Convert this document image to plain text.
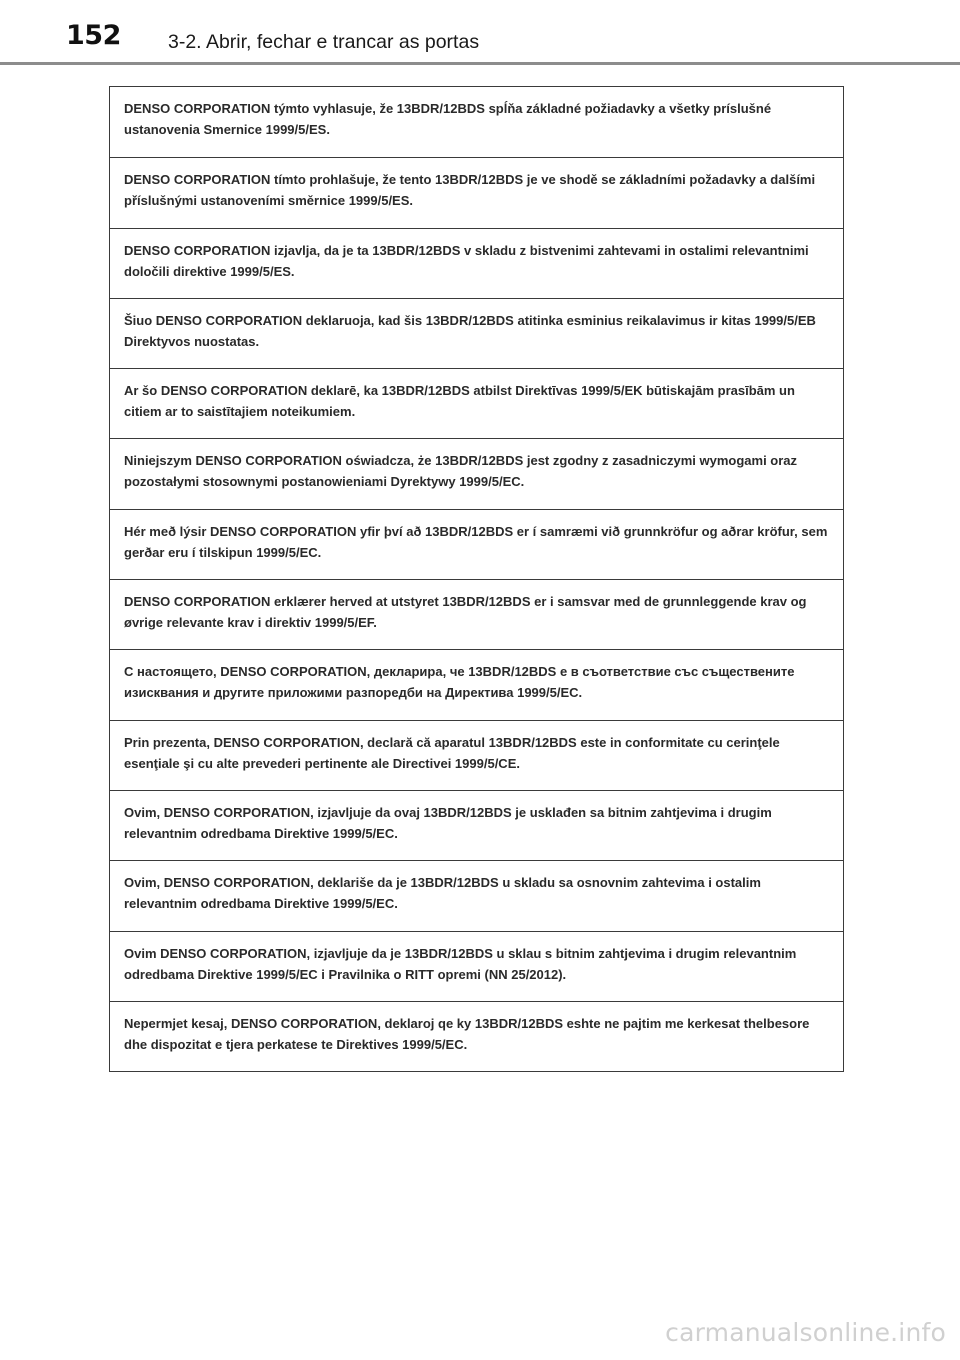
152 3-2. Abrir, fechar e trancar as portas
DENSO CORPORATION týmto vyhlasuje, že 13BDR/12BDS spĺňa základné požiadavky a všetky príslušné ustanovenia Smernice 1999/5/ES.
DENSO CORPORATION tímto prohlašuje, že tento 13BDR/12BDS je ve shodě se základními požadavky a dalšími příslušnými ustanoveními směrnice 1999/5/ES.
DENSO CORPORATION izjavlja, da je ta 13BDR/12BDS v skladu z bistvenimi zahtevami in ostalimi relevantnimi določili direktive 1999/5/ES.
Šiuo DENSO CORPORATION deklaruoja, kad šis 13BDR/12BDS atitinka esminius reikalavimus ir kitas 1999/5/EB Direktyvos nuostatas.
Ar šo DENSO CORPORATION deklarē, ka 13BDR/12BDS atbilst Direktīvas 1999/5/EK būtiskajām prasībām un citiem ar to saistītajiem noteikumiem.
Niniejszym DENSO CORPORATION oświadcza, że 13BDR/12BDS jest zgodny z zasadniczymi wymogami oraz pozostałymi stosownymi postanowieniami Dyrektywy 1999/5/EC.
Hér með lýsir DENSO CORPORATION yfir því að 13BDR/12BDS er í samræmi við grunnkröfur og aðrar kröfur, sem gerðar eru í tilskipun 1999/5/EC.
DENSO CORPORATION erklærer herved at utstyret 13BDR/12BDS er i samsvar med de grunnleggende krav og øvrige relevante krav i direktiv 1999/5/EF.
С настоящето, DENSO CORPORATION, декларира, че 13BDR/12BDS е в съответствие със съществените изисквания и другите приложими разпоредби на Директива 1999/5/ЕС.
Prin prezenta, DENSO CORPORATION, declară că aparatul 13BDR/12BDS este in conformitate cu cerinţele esenţiale şi cu alte prevederi pertinente ale Directivei 1999/5/CE.
Ovim, DENSO CORPORATION, izjavljuje da ovaj 13BDR/12BDS je usklađen sa bitnim zahtjevima i drugim relevantnim odredbama Direktive 1999/5/EC.
Ovim, DENSO CORPORATION, deklariše da je 13BDR/12BDS u skladu sa osnovnim zahtevima i ostalim relevantnim odredbama Direktive 1999/5/EC.
Ovim DENSO CORPORATION, izjavljuje da je 13BDR/12BDS u sklau s bitnim zahtjevima i drugim relevantnim odredbama Direktive 1999/5/EC i Pravilnika o RITT opremi (NN 25/2012).
Nepermjet kesaj, DENSO CORPORATION, deklaroj qe ky 13BDR/12BDS eshte ne pajtim me kerkesat thelbesore dhe dispozitat e tjera perkatese te Direktives 1999/5/EC.
carmanualsonline.info
